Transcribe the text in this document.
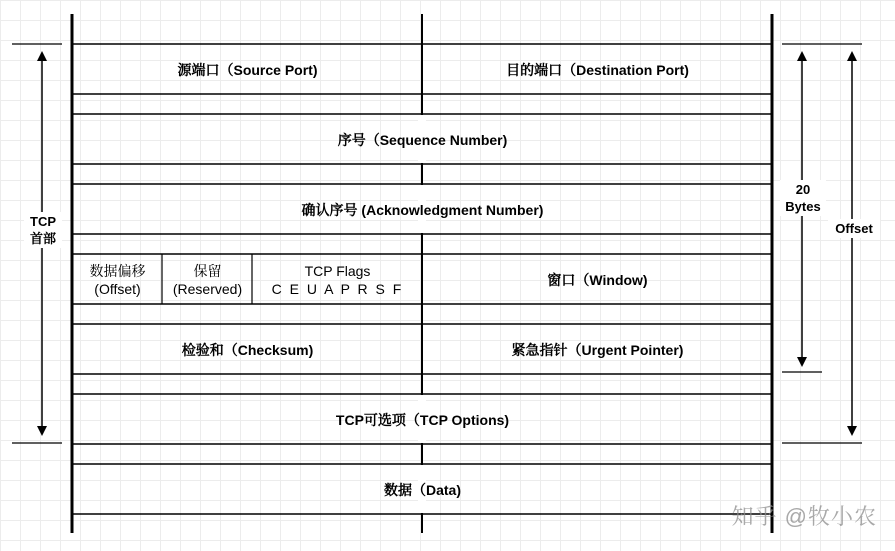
源端口（Source Port)	目的端口（Destination Port)
序号（Sequence Number)
确认序号 (Acknowledgment Number)
数据偏移
(Offset)
保留
(Reserved)
TCP Flags
C E U A P R S F
窗口（Window)
检验和（Checksum)	紧急指针（Urgent Pointer)
TCP可选项（TCP Options)
数据（Data)
TCP
首部
20
Bytes
Offset
知乎 @牧小农
